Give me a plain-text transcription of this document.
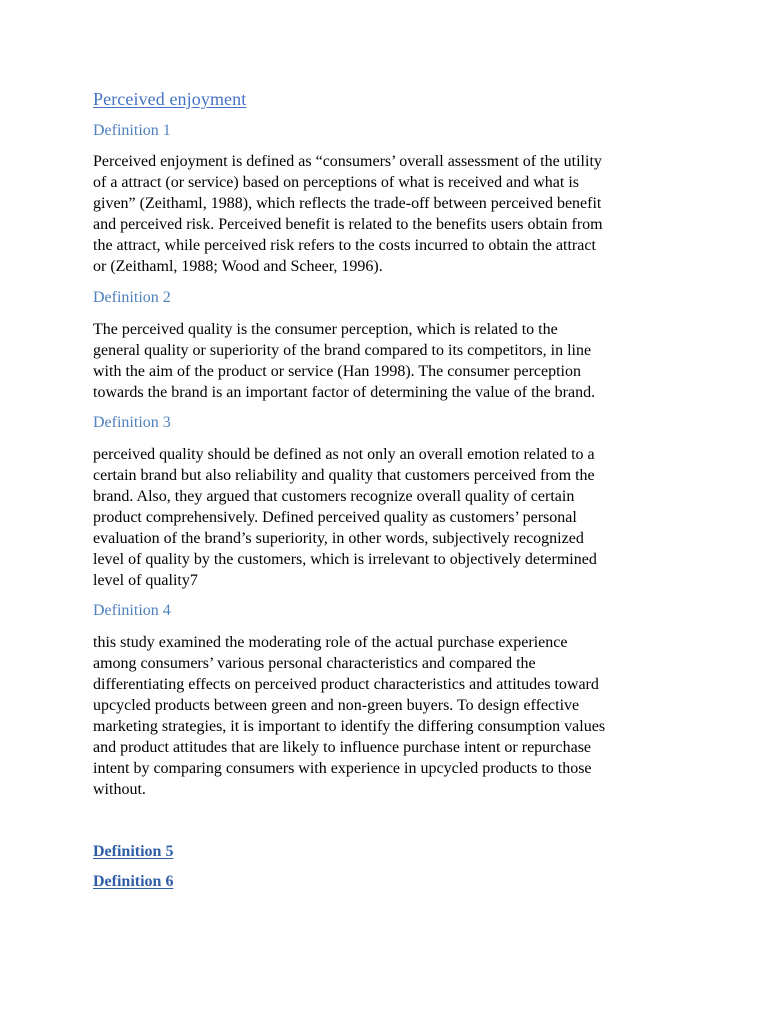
Perceived enjoyment
Definition 1
Perceived enjoyment is defined as “consumers’ overall assessment of the utility
of a attract (or service) based on perceptions of what is received and what is
given” (Zeithaml, 1988), which reflects the trade-off between perceived benefit
and perceived risk. Perceived benefit is related to the benefits users obtain from
the attract, while perceived risk refers to the costs incurred to obtain the attract
or (Zeithaml, 1988; Wood and Scheer, 1996).
Definition 2
The perceived quality is the consumer perception, which is related to the
general quality or superiority of the brand compared to its competitors, in line
with the aim of the product or service (Han 1998). The consumer perception
towards the brand is an important factor of determining the value of the brand.
Definition 3
perceived quality should be defined as not only an overall emotion related to a
certain brand but also reliability and quality that customers perceived from the
brand. Also, they argued that customers recognize overall quality of certain
product comprehensively. Defined perceived quality as customers’ personal
evaluation of the brand’s superiority, in other words, subjectively recognized
level of quality by the customers, which is irrelevant to objectively determined
level of quality7
Definition 4
this study examined the moderating role of the actual purchase experience
among consumers’ various personal characteristics and compared the
differentiating effects on perceived product characteristics and attitudes toward
upcycled products between green and non-green buyers. To design effective
marketing strategies, it is important to identify the differing consumption values
and product attitudes that are likely to influence purchase intent or repurchase
intent by comparing consumers with experience in upcycled products to those
without.
Definition 5
Definition 6
